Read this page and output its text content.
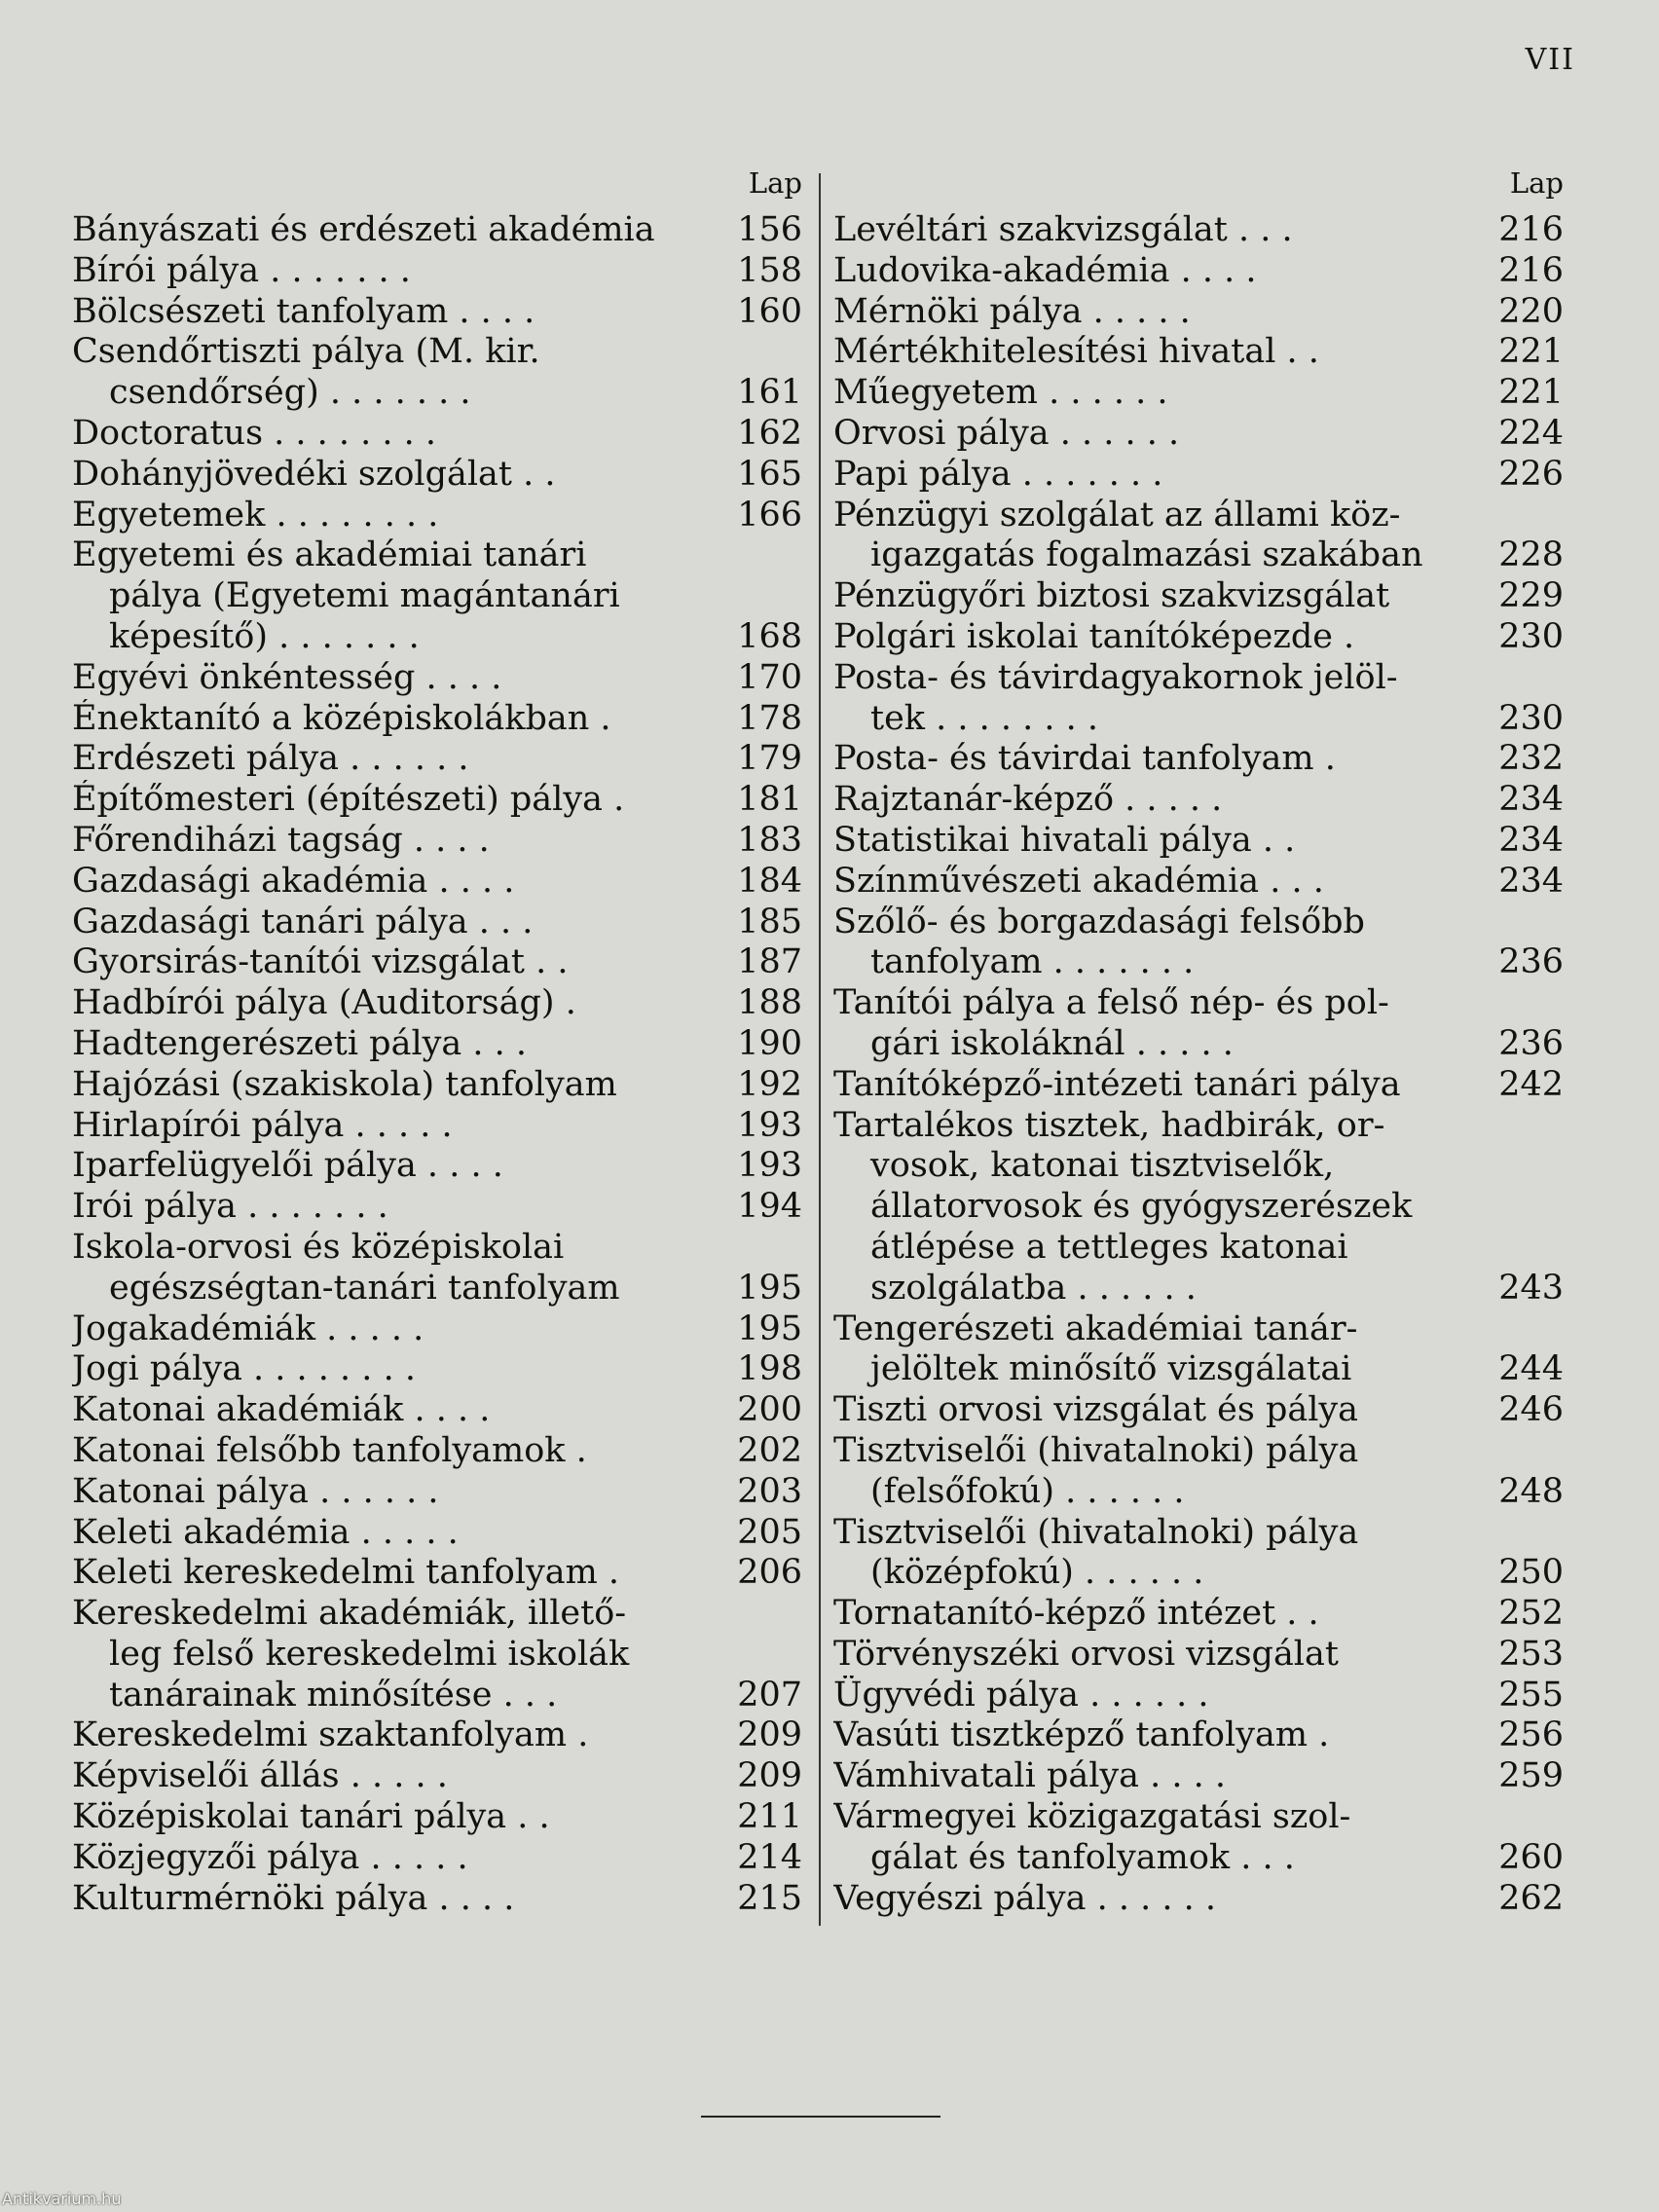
VII
Lap
Bányászati és erdészeti akadémia	156
Bírói pálya . . . . . . .	158
Bölcsészeti tanfolyam . . . .	160
Csendőrtiszti pálya (M. kir.
csendőrség) . . . . . . .	161
Doctoratus . . . . . . . .	162
Dohányjövedéki szolgálat . .	165
Egyetemek . . . . . . . .	166
Egyetemi és akadémiai tanári
pálya (Egyetemi magántanári
képesítő) . . . . . . .	168
Egyévi önkéntesség . . . .	170
Énektanító a középiskolákban .	178
Erdészeti pálya . . . . . .	179
Építőmesteri (építészeti) pálya .	181
Főrendiházi tagság . . . .	183
Gazdasági akadémia . . . .	184
Gazdasági tanári pálya . . .	185
Gyorsirás-tanítói vizsgálat . .	187
Hadbírói pálya (Auditorság) .	188
Hadtengerészeti pálya . . .	190
Hajózási (szakiskola) tanfolyam	192
Hirlapírói pálya . . . . .	193
Iparfelügyelői pálya . . . .	193
Irói pálya . . . . . . .	194
Iskola-orvosi és középiskolai
egészségtan-tanári tanfolyam	195
Jogakadémiák . . . . .	195
Jogi pálya . . . . . . . .	198
Katonai akadémiák . . . .	200
Katonai felsőbb tanfolyamok .	202
Katonai pálya . . . . . .	203
Keleti akadémia . . . . .	205
Keleti kereskedelmi tanfolyam .	206
Kereskedelmi akadémiák, illető-
leg felső kereskedelmi iskolák
tanárainak minősítése . . .	207
Kereskedelmi szaktanfolyam .	209
Képviselői állás . . . . .	209
Középiskolai tanári pálya . .	211
Közjegyzői pálya . . . . .	214
Kulturmérnöki pálya . . . .	215
Lap
Levéltári szakvizsgálat . . .	216
Ludovika-akadémia . . . .	216
Mérnöki pálya . . . . .	220
Mértékhitelesítési hivatal . .	221
Műegyetem . . . . . .	221
Orvosi pálya . . . . . .	224
Papi pálya . . . . . . .	226
Pénzügyi szolgálat az állami köz-
igazgatás fogalmazási szakában	228
Pénzügyőri biztosi szakvizsgálat	229
Polgári iskolai tanítóképezde .	230
Posta- és távirdagyakornok jelöl-
tek . . . . . . . .	230
Posta- és távirdai tanfolyam .	232
Rajztanár-képző . . . . .	234
Statistikai hivatali pálya . .	234
Színművészeti akadémia . . .	234
Szőlő- és borgazdasági felsőbb
tanfolyam . . . . . . .	236
Tanítói pálya a felső nép- és pol-
gári iskoláknál . . . . .	236
Tanítóképző-intézeti tanári pálya	242
Tartalékos tisztek, hadbirák, or-
vosok, katonai tisztviselők,
állatorvosok és gyógyszerészek
átlépése a tettleges katonai
szolgálatba . . . . . .	243
Tengerészeti akadémiai tanár-
jelöltek minősítő vizsgálatai	244
Tiszti orvosi vizsgálat és pálya	246
Tisztviselői (hivatalnoki) pálya
(felsőfokú) . . . . . .	248
Tisztviselői (hivatalnoki) pálya
(középfokú) . . . . . .	250
Tornatanító-képző intézet . .	252
Törvényszéki orvosi vizsgálat	253
Ügyvédi pálya . . . . . .	255
Vasúti tisztképző tanfolyam .	256
Vámhivatali pálya . . . .	259
Vármegyei közigazgatási szol-
gálat és tanfolyamok . . .	260
Vegyészi pálya . . . . . .	262
Antikvarium.hu
